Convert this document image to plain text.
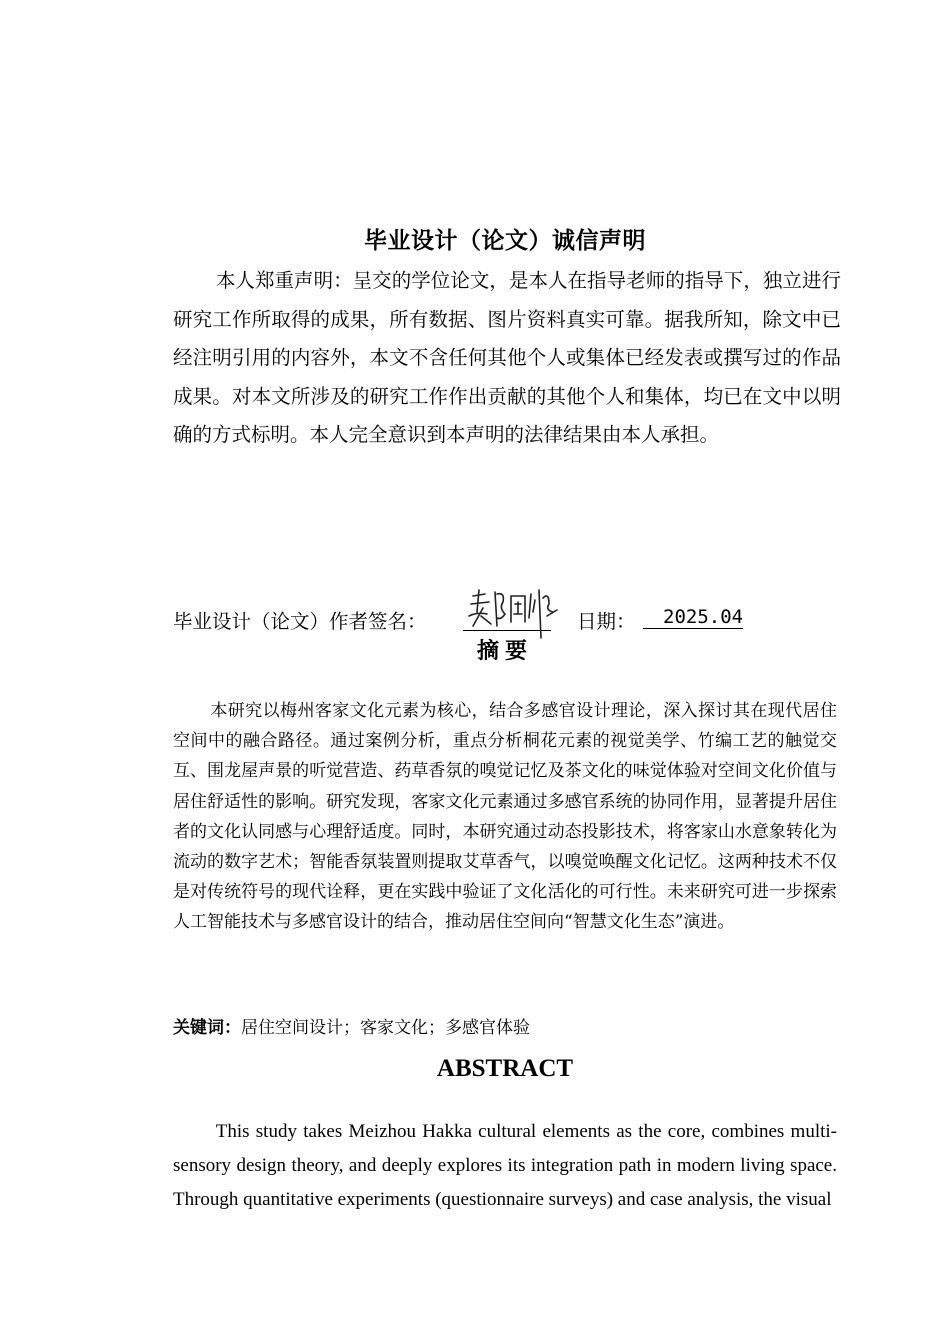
毕业设计（论文）诚信声明

本人郑重声明：呈交的学位论文，是本人在指导老师的指导下，独立进行研究工作所取得的成果，所有数据、图片资料真实可靠。据我所知，除文中已经注明引用的内容外，本文不含任何其他个人或集体已经发表或撰写过的作品成果。对本文所涉及的研究工作作出贡献的其他个人和集体，均已在文中以明确的方式标明。本人完全意识到本声明的法律结果由本人承担。

毕业设计（论文）作者签名：	日期：	2025.04
摘要

本研究以梅州客家文化元素为核心，结合多感官设计理论，深入探讨其在现代居住空间中的融合路径。通过案例分析，重点分析桐花元素的视觉美学、竹编工艺的触觉交互、围龙屋声景的听觉营造、药草香氛的嗅觉记忆及茶文化的味觉体验对空间文化价值与居住舒适性的影响。研究发现，客家文化元素通过多感官系统的协同作用，显著提升居住者的文化认同感与心理舒适度。同时，本研究通过动态投影技术，将客家山水意象转化为流动的数字艺术；智能香氛装置则提取艾草香气，以嗅觉唤醒文化记忆。这两种技术不仅是对传统符号的现代诠释，更在实践中验证了文化活化的可行性。未来研究可进一步探索人工智能技术与多感官设计的结合，推动居住空间向“智慧文化生态”演进。

关键词：居住空间设计；客家文化；多感官体验
ABSTRACT

This study takes Meizhou Hakka cultural elements as the core, combines multi-sensory design theory, and deeply explores its integration path in modern living space. Through quantitative experiments (questionnaire surveys) and case analysis, the visual
